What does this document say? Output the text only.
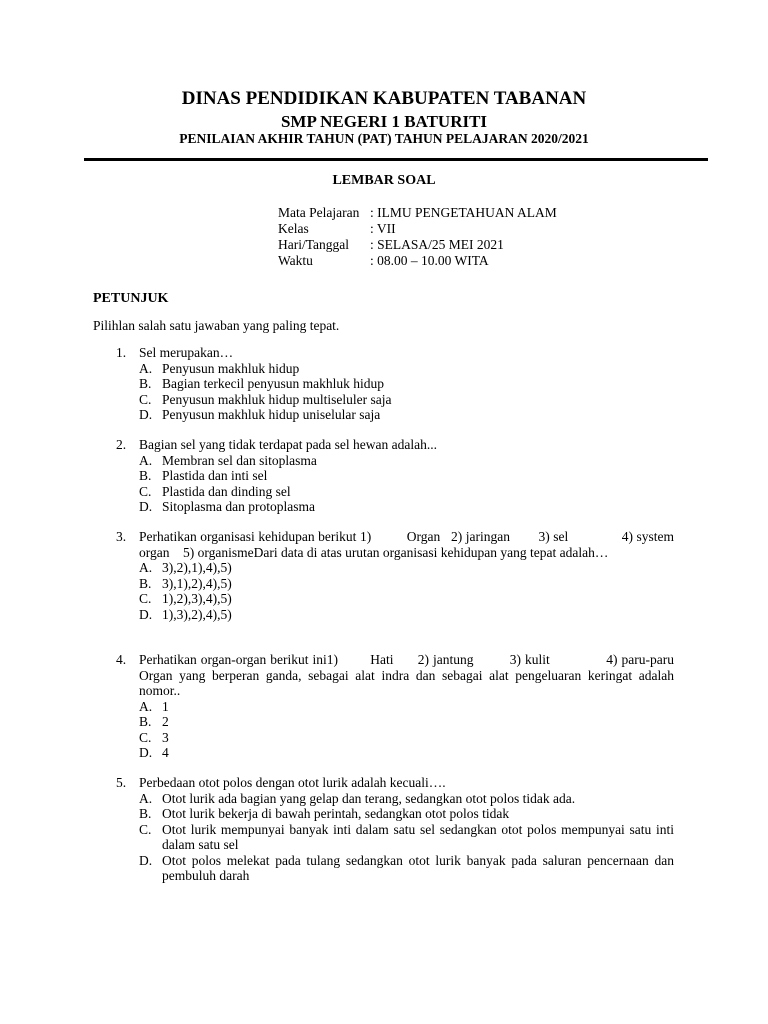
DINAS PENDIDIKAN KABUPATEN TABANAN
SMP NEGERI 1 BATURITI
PENILAIAN AKHIR TAHUN (PAT) TAHUN PELAJARAN 2020/2021
LEMBAR SOAL
Mata Pelajaran : ILMU PENGETAHUAN ALAM
Kelas	: VII
Hari/Tanggal	: SELASA/25 MEI 2021
Waktu	: 08.00 – 10.00 WITA
PETUNJUK
Pilihlan salah satu jawaban yang paling tepat.
1. Sel merupakan…
A. Penyusun makhluk hidup
B. Bagian terkecil penyusun makhluk hidup
C. Penyusun makhluk hidup multiseluler saja
D. Penyusun makhluk hidup uniselular saja
2. Bagian sel yang tidak terdapat pada sel hewan adalah...
A. Membran sel dan sitoplasma
B. Plastida dan inti sel
C. Plastida dan dinding sel
D. Sitoplasma dan protoplasma
3. Perhatikan organisasi kehidupan berikut 1)          Organ   2) jaringan        3) sel               4) system organ    5) organismeDari data di atas urutan organisasi kehidupan yang tepat adalah…
A. 3),2),1),4),5)
B. 3),1),2),4),5)
C. 1),2),3),4),5)
D. 1),3),2),4),5)
4. Perhatikan organ-organ berikut ini1)        Hati      2) jantung         3) kulit              4) paru-paru Organ yang berperan ganda, sebagai alat indra dan sebagai alat pengeluaran keringat adalah nomor..
A. 1
B. 2
C. 3
D. 4
5. Perbedaan otot polos dengan otot lurik adalah kecuali….
A. Otot lurik ada bagian yang gelap dan terang, sedangkan otot polos tidak ada.
B. Otot lurik bekerja di bawah perintah, sedangkan otot polos tidak
C. Otot lurik mempunyai banyak inti dalam satu sel sedangkan otot polos mempunyai satu inti dalam satu sel
D. Otot polos melekat pada tulang sedangkan otot lurik banyak pada saluran pencernaan dan pembuluh darah
